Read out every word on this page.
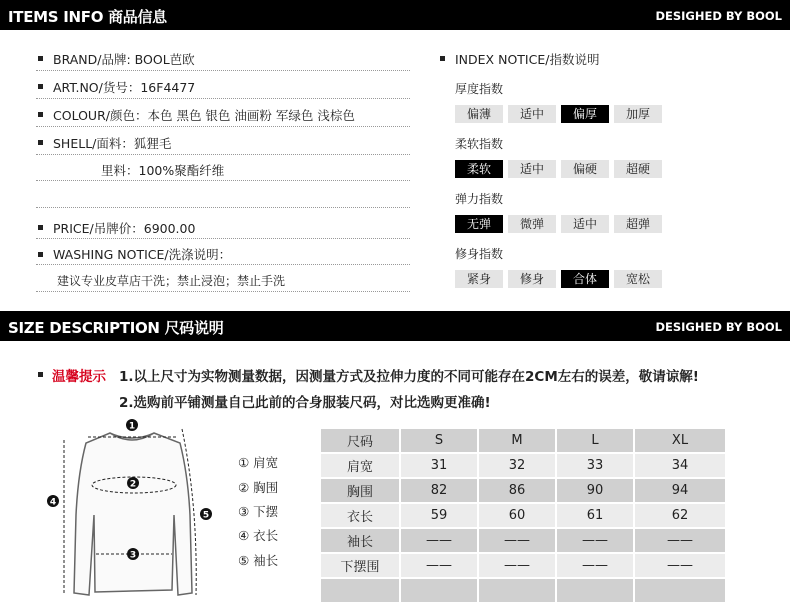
ITEMS INFO 商品信息	DESIGHED BY BOOL
BRAND/品牌: BOOL芭欧
ART.NO/货号：16F4477
COLOUR/颜色：本色 黑色 银色 油画粉 军绿色 浅棕色
SHELL/面料：狐狸毛
里料：100%聚酯纤维
PRICE/吊牌价：6900.00
WASHING NOTICE/洗涤说明：
建议专业皮草店干洗；禁止浸泡；禁止手洗
INDEX NOTICE/指数说明
厚度指数
偏薄	适中	偏厚	加厚
柔软指数
柔软	适中	偏硬	超硬
弹力指数
无弹	微弹	适中	超弹
修身指数
紧身	修身	合体	宽松
SIZE DESCRIPTION 尺码说明	DESIGHED BY BOOL
温馨提示 1.以上尺寸为实物测量数据，因测量方式及拉伸力度的不同可能存在2CM左右的误差，敬请谅解!
2.选购前平铺测量自己此前的合身服装尺码，对比选购更准确!
1
2
3
4
5
① 肩宽
② 胸围
③ 下摆
④ 衣长
⑤ 袖长
尺码	S	M	L	XL
肩宽	31	32	33	34
胸围	82	86	90	94
衣长	59	60	61	62
袖长	——	——	——	——
下摆围	——	——	——	——
